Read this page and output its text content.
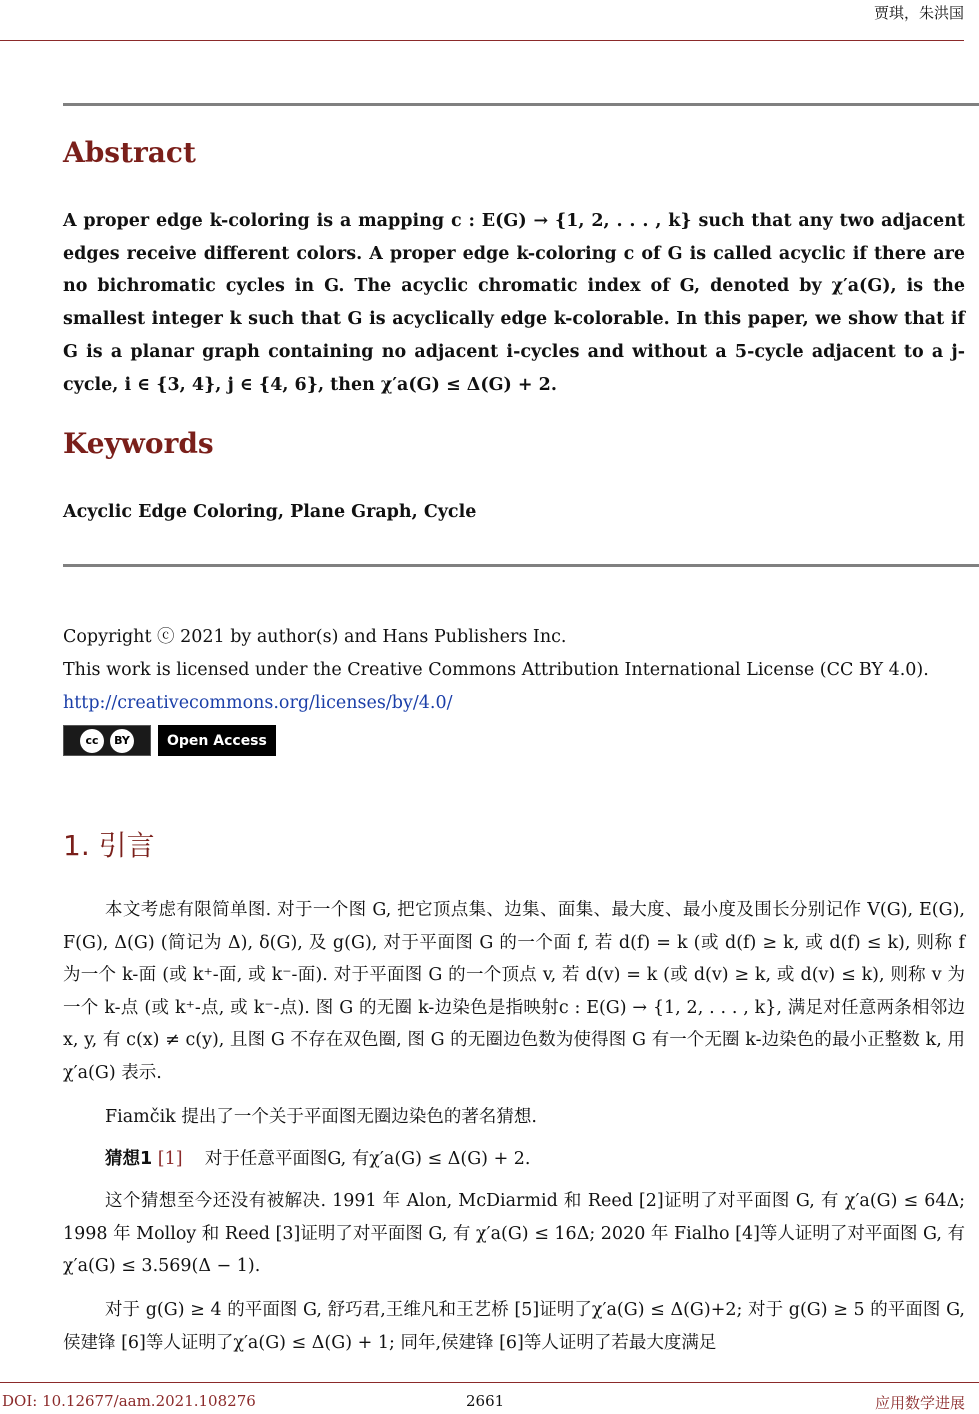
贾琪，朱洪国
Abstract
A proper edge k-coloring is a mapping c : E(G) → {1, 2, . . . , k} such that any two adjacent edges receive different colors. A proper edge k-coloring c of G is called acyclic if there are no bichromatic cycles in G. The acyclic chromatic index of G, denoted by χ′a(G), is the smallest integer k such that G is acyclically edge k-colorable. In this paper, we show that if G is a planar graph containing no adjacent i-cycles and without a 5-cycle adjacent to a j-cycle, i ∈ {3, 4}, j ∈ {4, 6}, then χ′a(G) ≤ Δ(G) + 2.
Keywords
Acyclic Edge Coloring, Plane Graph, Cycle
Copyright ⓒ 2021 by author(s) and Hans Publishers Inc.
This work is licensed under the Creative Commons Attribution International License (CC BY 4.0).
http://creativecommons.org/licenses/by/4.0/
cc	BY	Open Access
1. 引言
本文考虑有限简单图. 对于一个图 G, 把它顶点集、边集、面集、最大度、最小度及围长分别记作 V(G), E(G), F(G), Δ(G) (简记为 Δ), δ(G), 及 g(G), 对于平面图 G 的一个面 f, 若 d(f) = k (或 d(f) ≥ k, 或 d(f) ≤ k), 则称 f 为一个 k-面 (或 k⁺-面, 或 k⁻-面). 对于平面图 G 的一个顶点 v, 若 d(v) = k (或 d(v) ≥ k, 或 d(v) ≤ k), 则称 v 为一个 k-点 (或 k⁺-点, 或 k⁻-点). 图 G 的无圈 k-边染色是指映射c : E(G) → {1, 2, . . . , k}, 满足对任意两条相邻边 x, y, 有 c(x) ≠ c(y), 且图 G 不存在双色圈, 图 G 的无圈边色数为使得图 G 有一个无圈 k-边染色的最小正整数 k, 用 χ′a(G) 表示.
Fiamčik 提出了一个关于平面图无圈边染色的著名猜想.
猜想1 [1] 对于任意平面图G, 有χ′a(G) ≤ Δ(G) + 2.
这个猜想至今还没有被解决. 1991 年 Alon, McDiarmid 和 Reed [2]证明了对平面图 G, 有 χ′a(G) ≤ 64Δ; 1998 年 Molloy 和 Reed [3]证明了对平面图 G, 有 χ′a(G) ≤ 16Δ; 2020 年 Fialho [4]等人证明了对平面图 G, 有 χ′a(G) ≤ 3.569(Δ − 1).
对于 g(G) ≥ 4 的平面图 G, 舒巧君,王维凡和王艺桥 [5]证明了χ′a(G) ≤ Δ(G)+2; 对于 g(G) ≥ 5 的平面图 G, 侯建锋 [6]等人证明了χ′a(G) ≤ Δ(G) + 1; 同年,侯建锋 [6]等人证明了若最大度满足
DOI: 10.12677/aam.2021.108276	2661	应用数学进展
